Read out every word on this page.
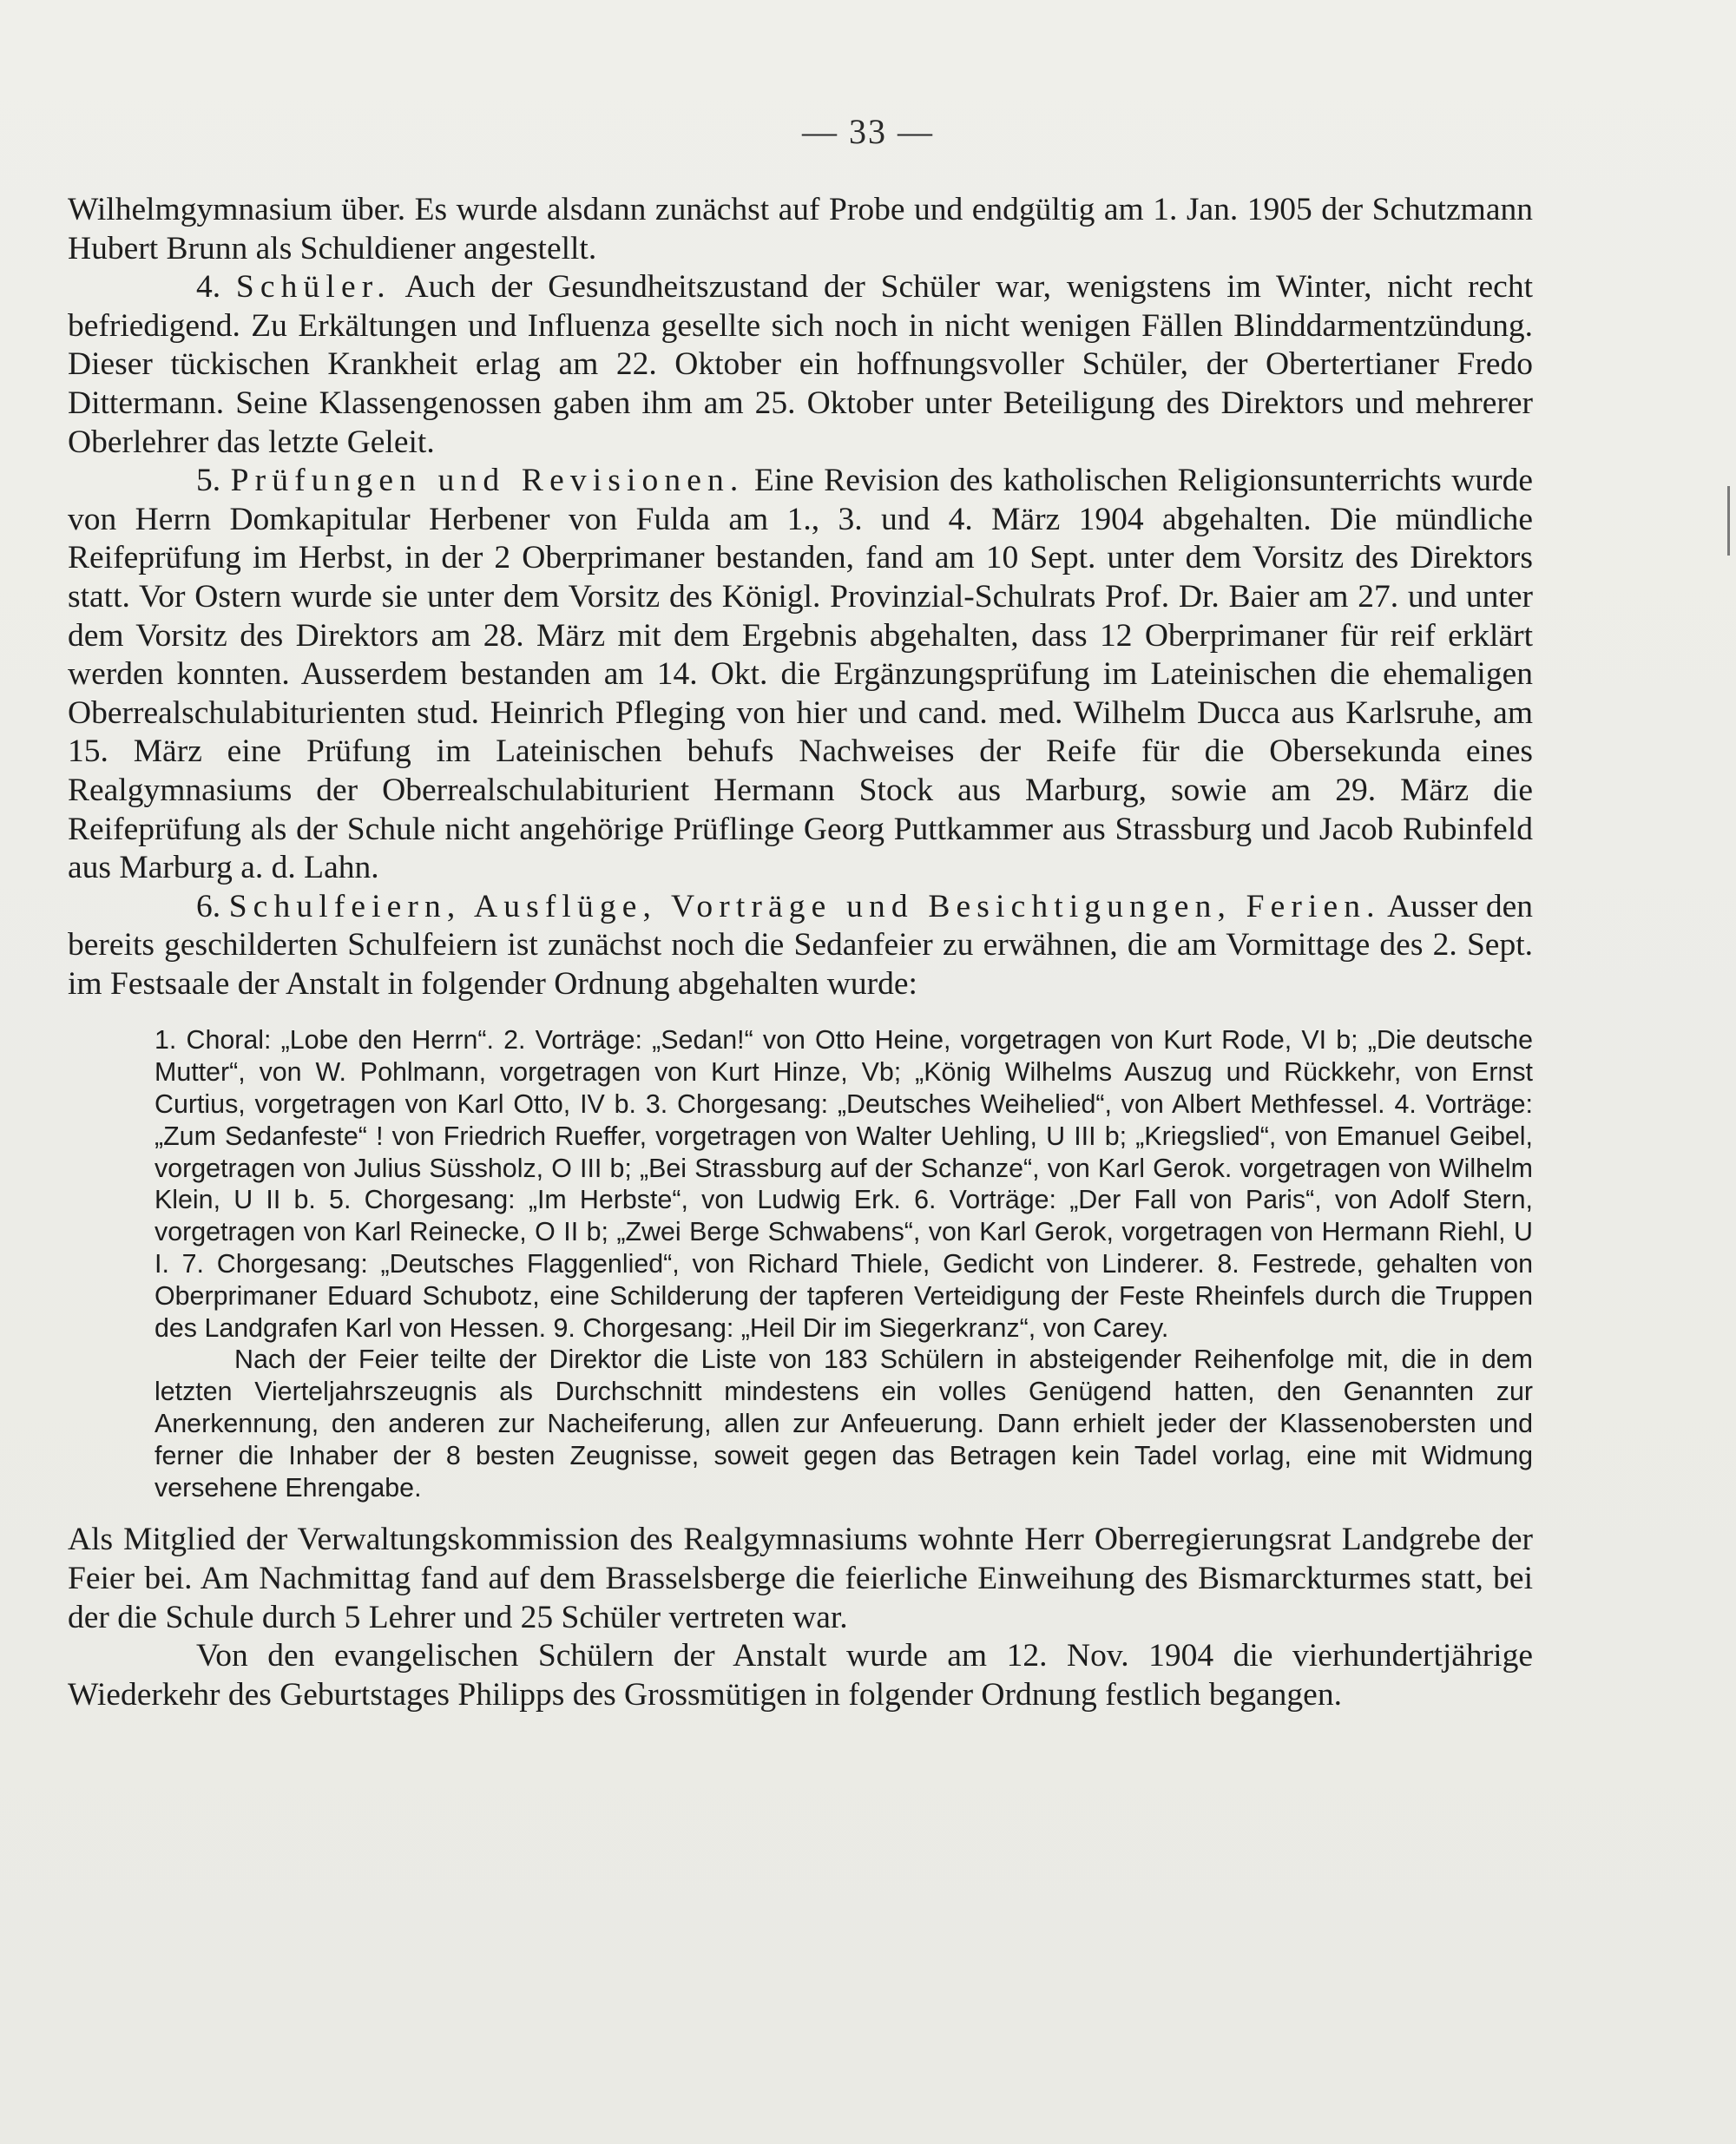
— 33 —

Wilhelmgymnasium über. Es wurde alsdann zunächst auf Probe und endgültig am 1. Jan. 1905 der Schutzmann Hubert Brunn als Schuldiener angestellt.

4. Schüler. Auch der Gesundheitszustand der Schüler war, wenigstens im Winter, nicht recht befriedigend. Zu Erkältungen und Influenza gesellte sich noch in nicht wenigen Fällen Blinddarmentzündung. Dieser tückischen Krankheit erlag am 22. Oktober ein hoffnungsvoller Schüler, der Obertertianer Fredo Dittermann. Seine Klassengenossen gaben ihm am 25. Oktober unter Beteiligung des Direktors und mehrerer Oberlehrer das letzte Geleit.

5. Prüfungen und Revisionen. Eine Revision des katholischen Religionsunterrichts wurde von Herrn Domkapitular Herbener von Fulda am 1., 3. und 4. März 1904 abgehalten. Die mündliche Reifeprüfung im Herbst, in der 2 Oberprimaner bestanden, fand am 10 Sept. unter dem Vorsitz des Direktors statt. Vor Ostern wurde sie unter dem Vorsitz des Königl. Provinzial-Schulrats Prof. Dr. Baier am 27. und unter dem Vorsitz des Direktors am 28. März mit dem Ergebnis abgehalten, dass 12 Oberprimaner für reif erklärt werden konnten. Ausserdem bestanden am 14. Okt. die Ergänzungsprüfung im Lateinischen die ehemaligen Oberrealschulabiturienten stud. Heinrich Pfleging von hier und cand. med. Wilhelm Ducca aus Karlsruhe, am 15. März eine Prüfung im Lateinischen behufs Nachweises der Reife für die Obersekunda eines Realgymnasiums der Oberrealschulabiturient Hermann Stock aus Marburg, sowie am 29. März die Reifeprüfung als der Schule nicht angehörige Prüflinge Georg Puttkammer aus Strassburg und Jacob Rubinfeld aus Marburg a. d. Lahn.

6. Schulfeiern, Ausflüge, Vorträge und Besichtigungen, Ferien. Ausser den bereits geschilderten Schulfeiern ist zunächst noch die Sedanfeier zu erwähnen, die am Vormittage des 2. Sept. im Festsaale der Anstalt in folgender Ordnung abgehalten wurde:

1. Choral: „Lobe den Herrn“. 2. Vorträge: „Sedan!“ von Otto Heine, vorgetragen von Kurt Rode, VI b; „Die deutsche Mutter“, von W. Pohlmann, vorgetragen von Kurt Hinze, Vb; „König Wilhelms Auszug und Rückkehr, von Ernst Curtius, vorgetragen von Karl Otto, IV b. 3. Chorgesang: „Deutsches Weihelied“, von Albert Methfessel. 4. Vorträge: „Zum Sedanfeste“ ! von Friedrich Rueffer, vorgetragen von Walter Uehling, U III b; „Kriegslied“, von Emanuel Geibel, vorgetragen von Julius Süssholz, O III b; „Bei Strassburg auf der Schanze“, von Karl Gerok. vorgetragen von Wilhelm Klein, U II b. 5. Chorgesang: „Im Herbste“, von Ludwig Erk. 6. Vorträge: „Der Fall von Paris“, von Adolf Stern, vorgetragen von Karl Reinecke, O II b; „Zwei Berge Schwabens“, von Karl Gerok, vorgetragen von Hermann Riehl, U I. 7. Chorgesang: „Deutsches Flaggenlied“, von Richard Thiele, Gedicht von Linderer. 8. Festrede, gehalten von Oberprimaner Eduard Schubotz, eine Schilderung der tapferen Verteidigung der Feste Rheinfels durch die Truppen des Landgrafen Karl von Hessen. 9. Chorgesang: „Heil Dir im Siegerkranz“, von Carey.

Nach der Feier teilte der Direktor die Liste von 183 Schülern in absteigender Reihenfolge mit, die in dem letzten Vierteljahrszeugnis als Durchschnitt mindestens ein volles Genügend hatten, den Genannten zur Anerkennung, den anderen zur Nacheiferung, allen zur Anfeuerung. Dann erhielt jeder der Klassenobersten und ferner die Inhaber der 8 besten Zeugnisse, soweit gegen das Betragen kein Tadel vorlag, eine mit Widmung versehene Ehrengabe.

Als Mitglied der Verwaltungskommission des Realgymnasiums wohnte Herr Oberregierungsrat Landgrebe der Feier bei. Am Nachmittag fand auf dem Brasselsberge die feierliche Einweihung des Bismarckturmes statt, bei der die Schule durch 5 Lehrer und 25 Schüler vertreten war.

Von den evangelischen Schülern der Anstalt wurde am 12. Nov. 1904 die vierhundertjährige Wiederkehr des Geburtstages Philipps des Grossmütigen in folgender Ordnung festlich begangen.
